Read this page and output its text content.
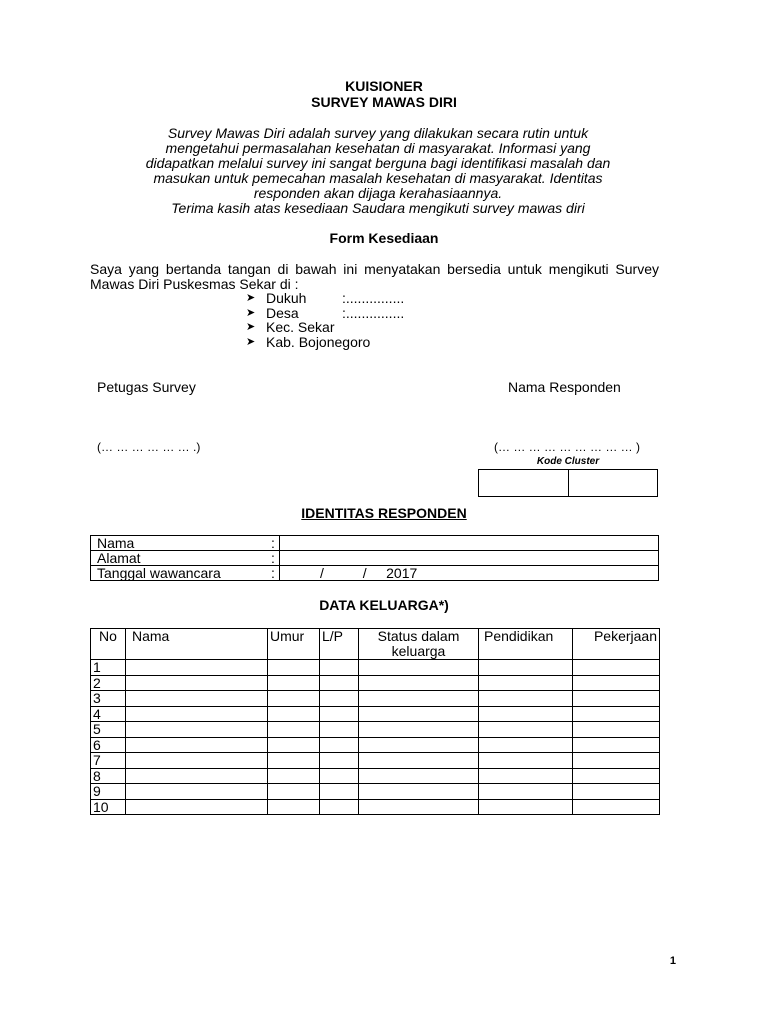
KUISIONER
SURVEY MAWAS DIRI

Survey Mawas Diri adalah survey yang dilakukan secara rutin untuk

mengetahui permasalahan kesehatan di masyarakat. Informasi yang

didapatkan melalui survey ini sangat berguna bagi identifikasi masalah dan

masukan untuk pemecahan masalah kesehatan di masyarakat. Identitas

responden akan dijaga kerahasiaannya.

Terima kasih atas kesediaan Saudara mengikuti survey mawas diri

Form Kesediaan
Saya yang bertanda tangan di bawah ini menyatakan bersedia untuk mengikuti Survey Mawas Diri Puskesmas Sekar di :
➤ Dukuh	:...............
➤ Desa	:...............
➤ Kec. Sekar
➤ Kab. Bojonegoro
Petugas Survey	Nama Responden
(… … … … … … .)	(… … … … … … … … … )
Kode Cluster
IDENTITAS RESPONDEN
Nama	:	
Alamat	:	
Tanggal wawancara	:	/          /     2017
DATA KELUARGA*)
No	Nama	Umur	L/P	Status dalam keluarga	Pendidikan	Pekerjaan
1						
2						
3						
4						
5						
6						
7						
8						
9						
10						
1
